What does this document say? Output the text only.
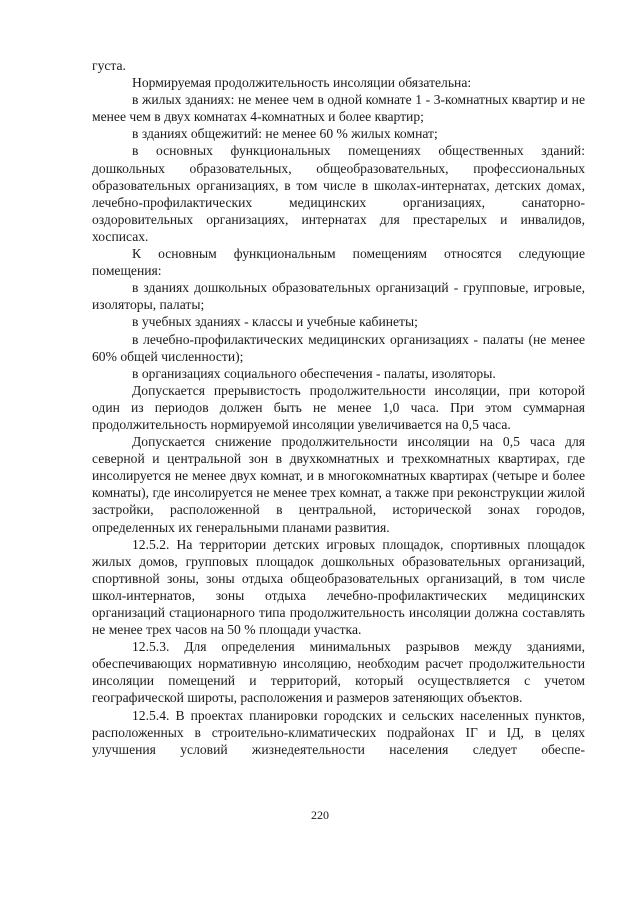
густа.

Нормируемая продолжительность инсоляции обязательна:

в жилых зданиях: не менее чем в одной комнате 1 - 3-комнатных квартир и не менее чем в двух комнатах 4-комнатных и более квартир;

в зданиях общежитий: не менее 60 % жилых комнат;

в основных функциональных помещениях общественных зданий: дошкольных образовательных, общеобразовательных, профессиональных образовательных организациях, в том числе в школах-интернатах, детских домах, лечебно-профилактических медицинских организациях, санаторно-оздоровительных организациях, интернатах для престарелых и инвалидов, хосписах.

К основным функциональным помещениям относятся следующие помещения:

в зданиях дошкольных образовательных организаций - групповые, игровые, изоляторы, палаты;

в учебных зданиях - классы и учебные кабинеты;

в лечебно-профилактических медицинских организациях - палаты (не менее 60% общей численности);

в организациях социального обеспечения - палаты, изоляторы.

Допускается прерывистость продолжительности инсоляции, при которой один из периодов должен быть не менее 1,0 часа. При этом суммарная продолжительность нормируемой инсоляции увеличивается на 0,5 часа.

Допускается снижение продолжительности инсоляции на 0,5 часа для северной и центральной зон в двухкомнатных и трехкомнатных квартирах, где инсолируется не менее двух комнат, и в многокомнатных квартирах (четыре и более комнаты), где инсолируется не менее трех комнат, а также при реконструкции жилой застройки, расположенной в центральной, исторической зонах городов, определенных их генеральными планами развития.

12.5.2. На территории детских игровых площадок, спортивных площадок жилых домов, групповых площадок дошкольных образовательных организаций, спортивной зоны, зоны отдыха общеобразовательных организаций, в том числе школ-интернатов, зоны отдыха лечебно-профилактических медицинских организаций стационарного типа продолжительность инсоляции должна составлять не менее трех часов на 50 % площади участка.

12.5.3. Для определения минимальных разрывов между зданиями, обеспечивающих нормативную инсоляцию, необходим расчет продолжительности инсоляции помещений и территорий, который осуществляется с учетом географической широты, расположения и размеров затеняющих объектов.

12.5.4. В проектах планировки городских и сельских населенных пунктов, расположенных в строительно-климатических подрайонах IГ и IД, в целях улучшения условий жизнедеятельности населения следует обеспе-

220
